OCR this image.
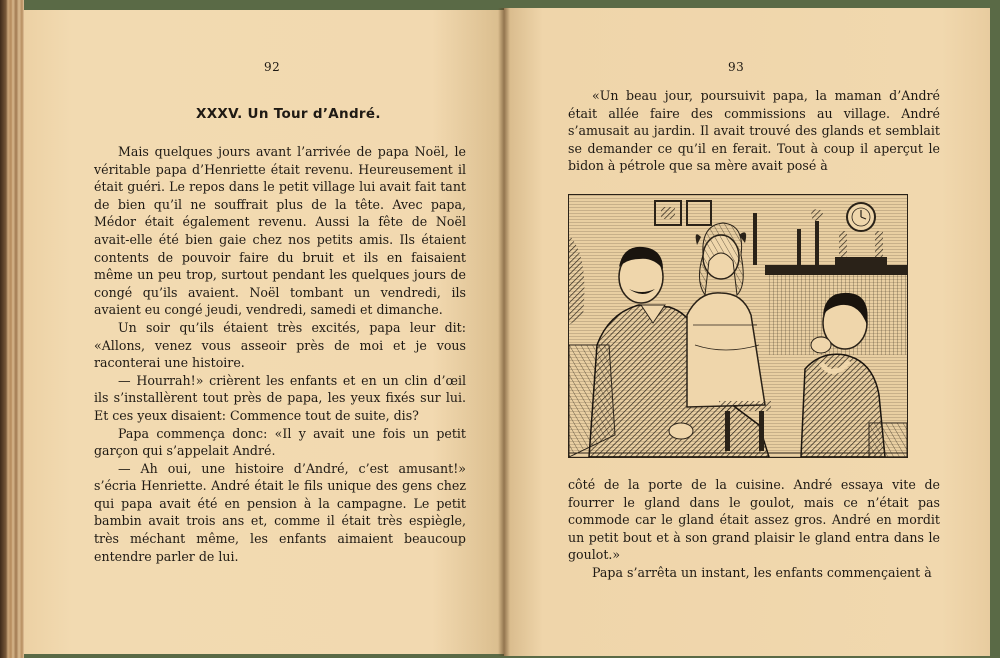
92
XXXV. Un Tour d’André.

Mais quelques jours avant l’arrivée de papa Noël, le véritable papa d’Henriette était revenu. Heureusement il était guéri. Le repos dans le petit village lui avait fait tant de bien qu’il ne souffrait plus de la tête. Avec papa, Médor était également revenu. Aussi la fête de Noël avait-elle été bien gaie chez nos petits amis. Ils étaient contents de pouvoir faire du bruit et ils en faisaient même un peu trop, surtout pendant les quelques jours de congé qu’ils avaient. Noël tombant un vendredi, ils avaient eu congé jeudi, vendredi, samedi et dimanche.

Un soir qu’ils étaient très excités, papa leur dit: «Allons, venez vous asseoir près de moi et je vous raconterai une histoire.

— Hourrah!» crièrent les enfants et en un clin d’œil ils s’installèrent tout près de papa, les yeux fixés sur lui. Et ces yeux disaient: Commence tout de suite, dis?

Papa commença donc: «Il y avait une fois un petit garçon qui s’appelait André.

— Ah oui, une histoire d’André, c’est amusant!» s’écria Henriette. André était le fils unique des gens chez qui papa avait été en pension à la campagne. Le petit bambin avait trois ans et, comme il était très espiègle, très méchant même, les enfants aimaient beaucoup entendre parler de lui.

93

«Un beau jour, poursuivit papa, la maman d’André était allée faire des commissions au village. André s’amusait au jardin. Il avait trouvé des glands et semblait se demander ce qu’il en ferait. Tout à coup il aperçut le bidon à pétrole que sa mère avait posé à

côté de la porte de la cuisine. André essaya vite de fourrer le gland dans le goulot, mais ce n’était pas commode car le gland était assez gros. André en mordit un petit bout et à son grand plaisir le gland entra dans le goulot.»

Papa s’arrêta un instant, les enfants commençaient à
